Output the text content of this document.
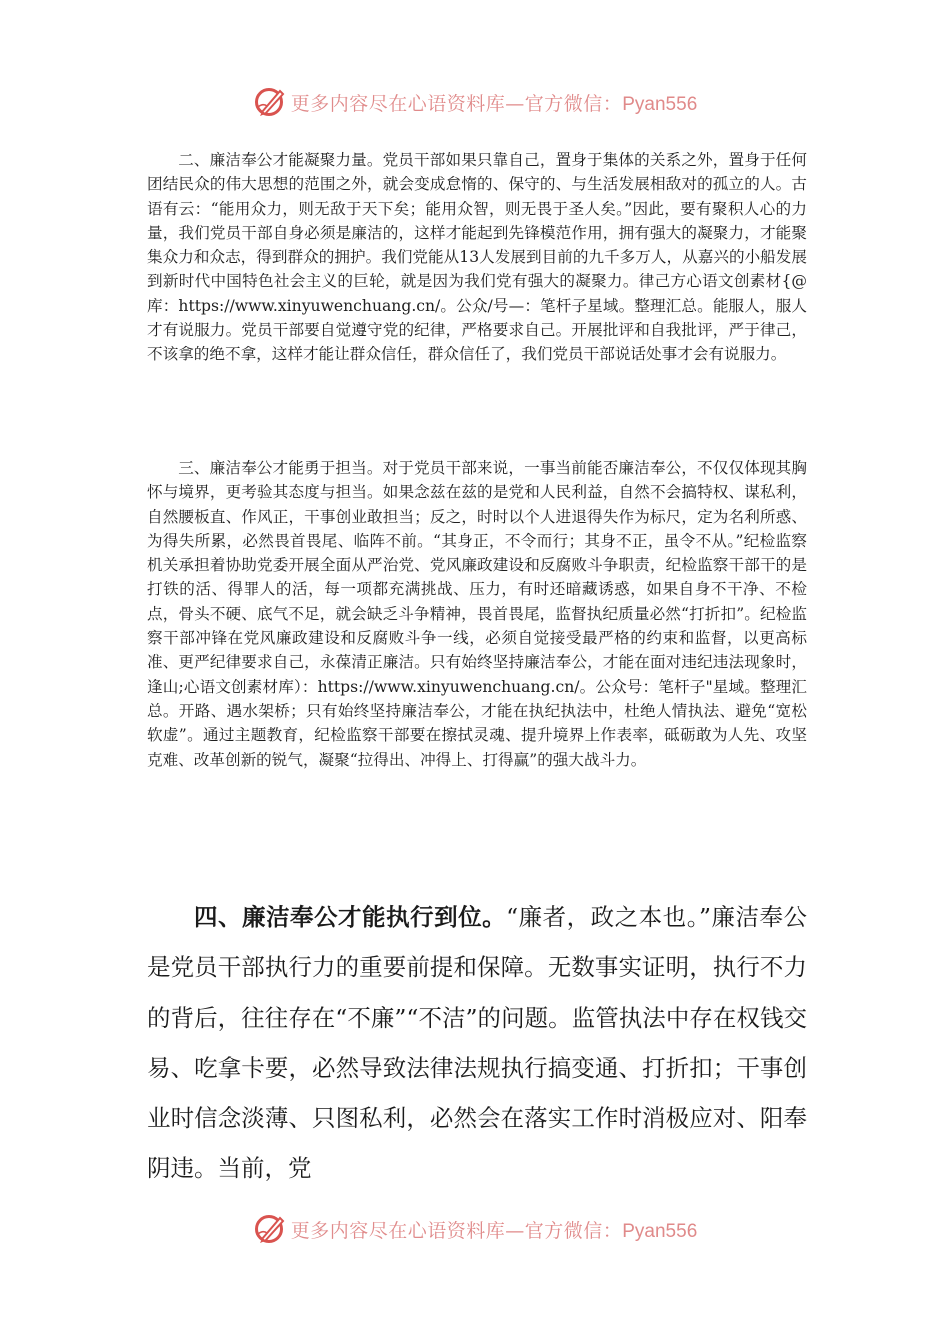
更多内容尽在心语资料库—官方微信：Pyan556

二、廉洁奉公才能凝聚力量。党员干部如果只靠自己，置身于集体的关系之外，置身于任何团结民众的伟大思想的范围之外，就会变成怠惰的、保守的、与生活发展相敌对的孤立的人。古语有云：“能用众力，则无敌于天下矣；能用众智，则无畏于圣人矣。”因此，要有聚积人心的力量，我们党员干部自身必须是廉洁的，这样才能起到先锋模范作用，拥有强大的凝聚力，才能聚集众力和众志，得到群众的拥护。我们党能从13人发展到目前的九千多万人，从嘉兴的小船发展到新时代中国特色社会主义的巨轮，就是因为我们党有强大的凝聚力。律己方心语文创素材{@库：https://www.xinyuwenchuang.cn/。公众/号—：笔杆子星域。整理汇总。能服人，服人才有说服力。党员干部要自觉遵守党的纪律，严格要求自己。开展批评和自我批评，严于律己，不该拿的绝不拿，这样才能让群众信任，群众信任了，我们党员干部说话处事才会有说服力。

三、廉洁奉公才能勇于担当。对于党员干部来说，一事当前能否廉洁奉公，不仅仅体现其胸怀与境界，更考验其态度与担当。如果念兹在兹的是党和人民利益，自然不会搞特权、谋私利，自然腰板直、作风正，干事创业敢担当；反之，时时以个人进退得失作为标尺，定为名利所惑、为得失所累，必然畏首畏尾、临阵不前。“其身正，不令而行；其身不正，虽令不从。”纪检监察机关承担着协助党委开展全面从严治党、党风廉政建设和反腐败斗争职责，纪检监察干部干的是打铁的活、得罪人的活，每一项都充满挑战、压力，有时还暗藏诱惑，如果自身不干净、不检点，骨头不硬、底气不足，就会缺乏斗争精神，畏首畏尾，监督执纪质量必然“打折扣”。纪检监察干部冲锋在党风廉政建设和反腐败斗争一线，必须自觉接受最严格的约束和监督，以更高标准、更严纪律要求自己，永葆清正廉洁。只有始终坚持廉洁奉公，才能在面对违纪违法现象时，逢山;心语文创素材库）：https://www.xinyuwenchuang.cn/。公众号：笔杆子"星域。整理汇总。开路、遇水架桥；只有始终坚持廉洁奉公，才能在执纪执法中，杜绝人情执法、避免“宽松软虚”。通过主题教育，纪检监察干部要在擦拭灵魂、提升境界上作表率，砥砺敢为人先、攻坚克难、改革创新的锐气，凝聚“拉得出、冲得上、打得赢”的强大战斗力。

四、廉洁奉公才能执行到位。“廉者，政之本也。”廉洁奉公是党员干部执行力的重要前提和保障。无数事实证明，执行不力的背后，往往存在“不廉”“不洁”的问题。监管执法中存在权钱交易、吃拿卡要，必然导致法律法规执行搞变通、打折扣；干事创业时信念淡薄、只图私利，必然会在落实工作时消极应对、阳奉阴违。当前，党

更多内容尽在心语资料库—官方微信：Pyan556
